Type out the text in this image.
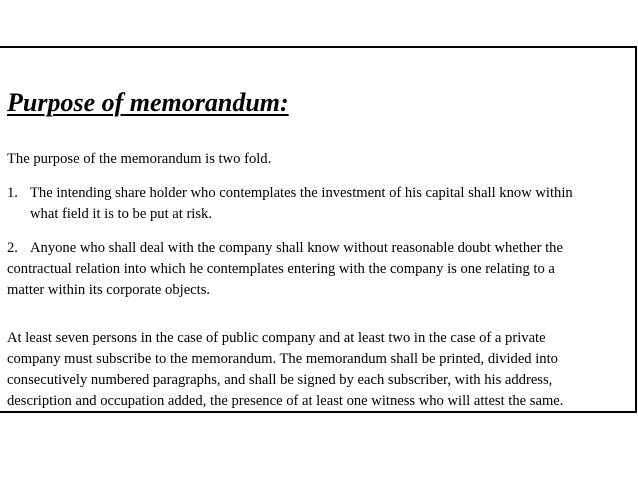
Purpose of memorandum:

The purpose of the memorandum is two fold.

1. The intending share holder who contemplates the investment of his capital shall know within

what field it is to be put at risk.

2. Anyone who shall deal with the company shall know without reasonable doubt whether the

contractual relation into which he contemplates entering with the company is one relating to a

matter within its corporate objects.

At least seven persons in the case of public company and at least two in the case of a private

company must subscribe to the memorandum. The memorandum shall be printed, divided into

consecutively numbered paragraphs, and shall be signed by each subscriber, with his address,

description and occupation added, the presence of at least one witness who will attest the same.
